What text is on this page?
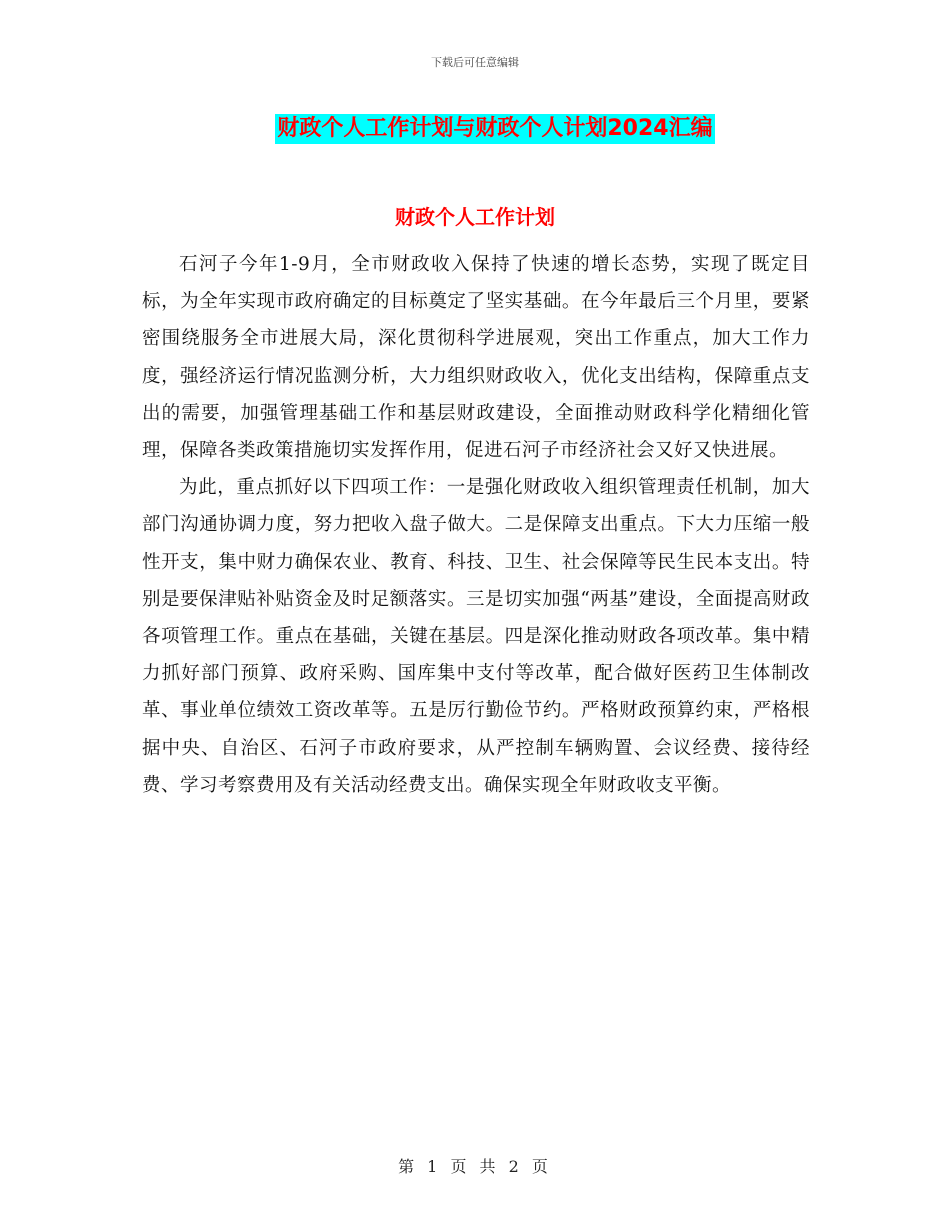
下载后可任意编辑
财政个人工作计划与财政个人计划2024汇编
财政个人工作计划

石河子今年1-9月，全市财政收入保持了快速的增长态势，实现了既定目标，为全年实现市政府确定的目标奠定了坚实基础。在今年最后三个月里，要紧密围绕服务全市进展大局，深化贯彻科学进展观，突出工作重点，加大工作力度，强经济运行情况监测分析，大力组织财政收入，优化支出结构，保障重点支出的需要，加强管理基础工作和基层财政建设，全面推动财政科学化精细化管理，保障各类政策措施切实发挥作用，促进石河子市经济社会又好又快进展。

为此，重点抓好以下四项工作：一是强化财政收入组织管理责任机制，加大部门沟通协调力度，努力把收入盘子做大。二是保障支出重点。下大力压缩一般性开支，集中财力确保农业、教育、科技、卫生、社会保障等民生民本支出。特别是要保津贴补贴资金及时足额落实。三是切实加强“两基”建设，全面提高财政各项管理工作。重点在基础，关键在基层。四是深化推动财政各项改革。集中精力抓好部门预算、政府采购、国库集中支付等改革，配合做好医药卫生体制改革、事业单位绩效工资改革等。五是厉行勤俭节约。严格财政预算约束，严格根据中央、自治区、石河子市政府要求，从严控制车辆购置、会议经费、接待经费、学习考察费用及有关活动经费支出。确保实现全年财政收支平衡。

第 1 页 共 2 页
